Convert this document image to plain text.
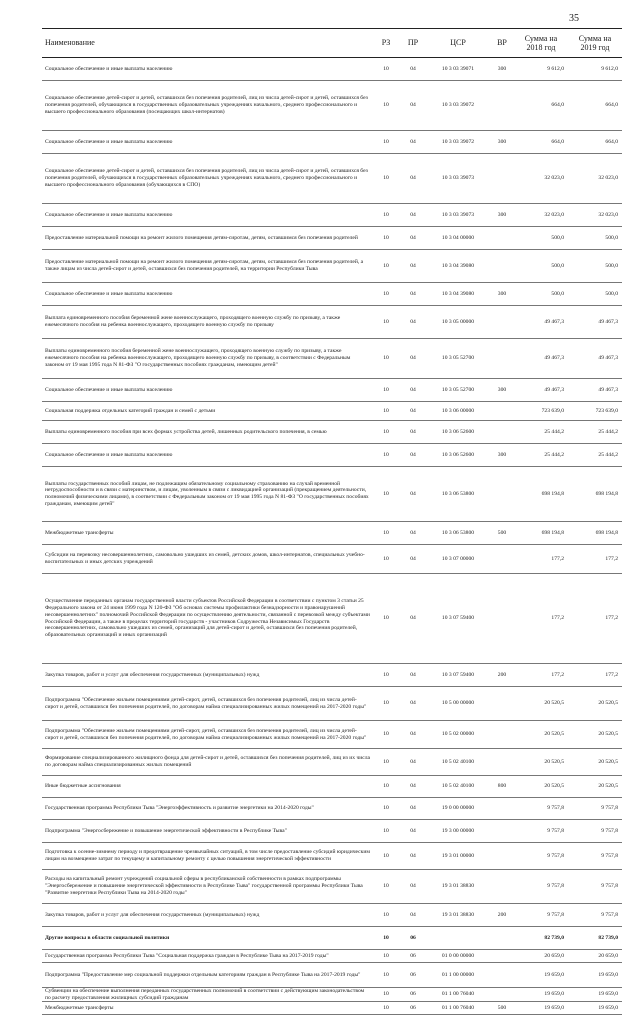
35
Наименование	РЗ	ПР	ЦСР	ВР	Сумма на 2018 год	Сумма на 2019 год
Социальное обеспечение и иные выплаты населению	10	04	10 3 03 39071	300	9 612,0	9 612,0
Социальное обеспечение детей-сирот и детей, оставшихся без попечения родителей, лиц из числа детей-сирот и детей, оставшихся без попечения родителей, обучающихся в государственных образовательных учреждениях начального, среднего профессионального и высшего профессионального образования (посещающих школ-интернатов)	10	04	10 3 03 39072		664,0	664,0
Социальное обеспечение и иные выплаты населению	10	04	10 3 03 39072	300	664,0	664,0
Социальное обеспечение детей-сирот и детей, оставшихся без попечения родителей, лиц из числа детей-сирот и детей, оставшихся без попечения родителей, обучающихся в государственных образовательных учреждениях начального, среднего профессионального и высшего профессионального образования (обучающихся в СПО)	10	04	10 3 03 39073		32 023,0	32 023,0
Социальное обеспечение и иные выплаты населению	10	04	10 3 03 39073	300	32 023,0	32 023,0
Предоставление материальной помощи на ремонт жилого помещения детям-сиротам, детям, оставшимся без попечения родителей	10	04	10 3 04 00000		500,0	500,0
Предоставление материальной помощи на ремонт жилого помещения детям-сиротам, детям, оставшимся без попечения родителей, а также лицам из числа детей-сирот и детей, оставшихся без попечения родителей, на территории Республики Тыва	10	04	10 3 04 39080		500,0	500,0
Социальное обеспечение и иные выплаты населению	10	04	10 3 04 39080	300	500,0	500,0
Выплата единовременного пособия беременной жене военнослужащего, проходящего военную службу по призыву, а также ежемесячного пособия на ребенка военнослужащего, проходящего военную службу по призыву	10	04	10 3 05 00000		49 467,3	49 467,3
Выплаты единовременного пособия беременной жене военнослужащего, проходящего военную службу по призыву, а также ежемесячного пособия на ребенка военнослужащего, проходящего военную службу по призыву, в соответствии с Федеральным законом от 19 мая 1995 года N 81-ФЗ "О государственных пособиях гражданам, имеющим детей"	10	04	10 3 05 52700		49 467,3	49 467,3
Социальное обеспечение и иные выплаты населению	10	04	10 3 05 52700	300	49 467,3	49 467,3
Социальная поддержка отдельных категорий граждан и семей с детьми	10	04	10 3 06 00000		723 639,0	723 639,0
Выплаты единовременного пособия при всех формах устройства детей, лишенных родительского попечения, в семью	10	04	10 3 06 52600		25 444,2	25 444,2
Социальное обеспечение и иные выплаты населению	10	04	10 3 06 52600	300	25 444,2	25 444,2
Выплаты государственных пособий лицам, не подлежащим обязательному социальному страхованию на случай временной нетрудоспособности и в связи с материнством, и лицам, уволенным в связи с ликвидацией организаций (прекращением деятельности, полномочий физическими лицами), в соответствии с Федеральным законом от 19 мая 1995 года N 81-ФЗ "О государственных пособиях гражданам, имеющим детей"	10	04	10 3 06 53800		698 194,8	698 194,8
Межбюджетные трансферты	10	04	10 3 06 53800	500	698 194,8	698 194,8
Субсидии на перевозку несовершеннолетних, самовольно ушедших из семей, детских домов, школ-интернатов, специальных учебно-воспитательных и иных детских учреждений	10	04	10 3 07 00000		177,2	177,2
Осуществление переданных органам государственной власти субъектов Российской Федерации в соответствии с пунктом 3 статьи 25 Федерального закона от 24 июня 1999 года N 120-ФЗ "Об основах системы профилактики безнадзорности и правонарушений несовершеннолетних" полномочий Российской Федерации по осуществлению деятельности, связанной с перевозкой между субъектами Российской Федерации, а также в пределах территорий государств - участников Содружества Независимых Государств несовершеннолетних, самовольно ушедших из семей, организаций для детей-сирот и детей, оставшихся без попечения родителей, образовательных организаций и иных организаций	10	04	10 3 07 59400		177,2	177,2
Закупка товаров, работ и услуг для обеспечения государственных (муниципальных) нужд	10	04	10 3 07 59400	200	177,2	177,2
Подпрограмма "Обеспечение жильем помещениями детей-сирот, детей, оставшихся без попечения родителей, лиц из числа детей-сирот и детей, оставшихся без попечения родителей, по договорам найма специализированных жилых помещений на 2017-2020 годы"	10	04	10 5 00 00000		20 520,5	20 520,5
Подпрограмма "Обеспечение жильем помещениями детей-сирот, детей, оставшихся без попечения родителей, лиц из числа детей-сирот и детей, оставшихся без попечения родителей, по договорам найма специализированных жилых помещений на 2017-2020 годы"	10	04	10 5 02 00000		20 520,5	20 520,5
Формирование специализированного жилищного фонда для детей-сирот и детей, оставшихся без попечения родителей, лиц из их числа по договорам найма специализированных жилых помещений	10	04	10 5 02 40100		20 520,5	20 520,5
Иные бюджетные ассигнования	10	04	10 5 02 40100	800	20 520,5	20 520,5
Государственная программа Республики Тыва "Энергоэффективность и развитие энергетики на 2014-2020 годы"	10	04	19 0 00 00000		9 757,8	9 757,8
Подпрограмма "Энергосбережение и повышение энергетической эффективности в Республике Тыва"	10	04	19 3 00 00000		9 757,8	9 757,8
Подготовка к осенне-зимнему периоду и предотвращение чрезвычайных ситуаций, в том числе предоставление субсидий юридическим лицам на возмещение затрат по текущему и капитальному ремонту с целью повышения энергетической эффективности	10	04	19 3 01 00000		9 757,8	9 757,8
Расходы на капитальный ремонт учреждений социальной сферы в республиканской собственности в рамках подпрограммы "Энергосбережение и повышение энергетической эффективности в Республике Тыва" государственной программы Республики Тыва "Развитие энергетики Республики Тыва на 2014-2020 годы"	10	04	19 3 01 38830		9 757,8	9 757,8
Закупка товаров, работ и услуг для обеспечения государственных (муниципальных) нужд	10	04	19 3 01 38830	200	9 757,8	9 757,8
Другие вопросы в области социальной политики	10	06			82 739,0	82 739,0
Государственная программа Республики Тыва "Социальная поддержка граждан в Республике Тыва на 2017-2019 годы"	10	06	01 0 00 00000		20 659,0	20 659,0
Подпрограмма "Предоставление мер социальной поддержки отдельным категориям граждан в Республике Тыва на 2017-2019 годы"	10	06	01 1 00 00000		19 659,0	19 659,0
Субвенции на обеспечение выполнения переданных государственных полномочий в соответствии с действующим законодательством по расчету предоставления жилищных субсидий гражданам	10	06	01 1 00 76040		19 659,0	19 659,0
Межбюджетные трансферты	10	06	01 1 00 76040	500	19 659,0	19 659,0
